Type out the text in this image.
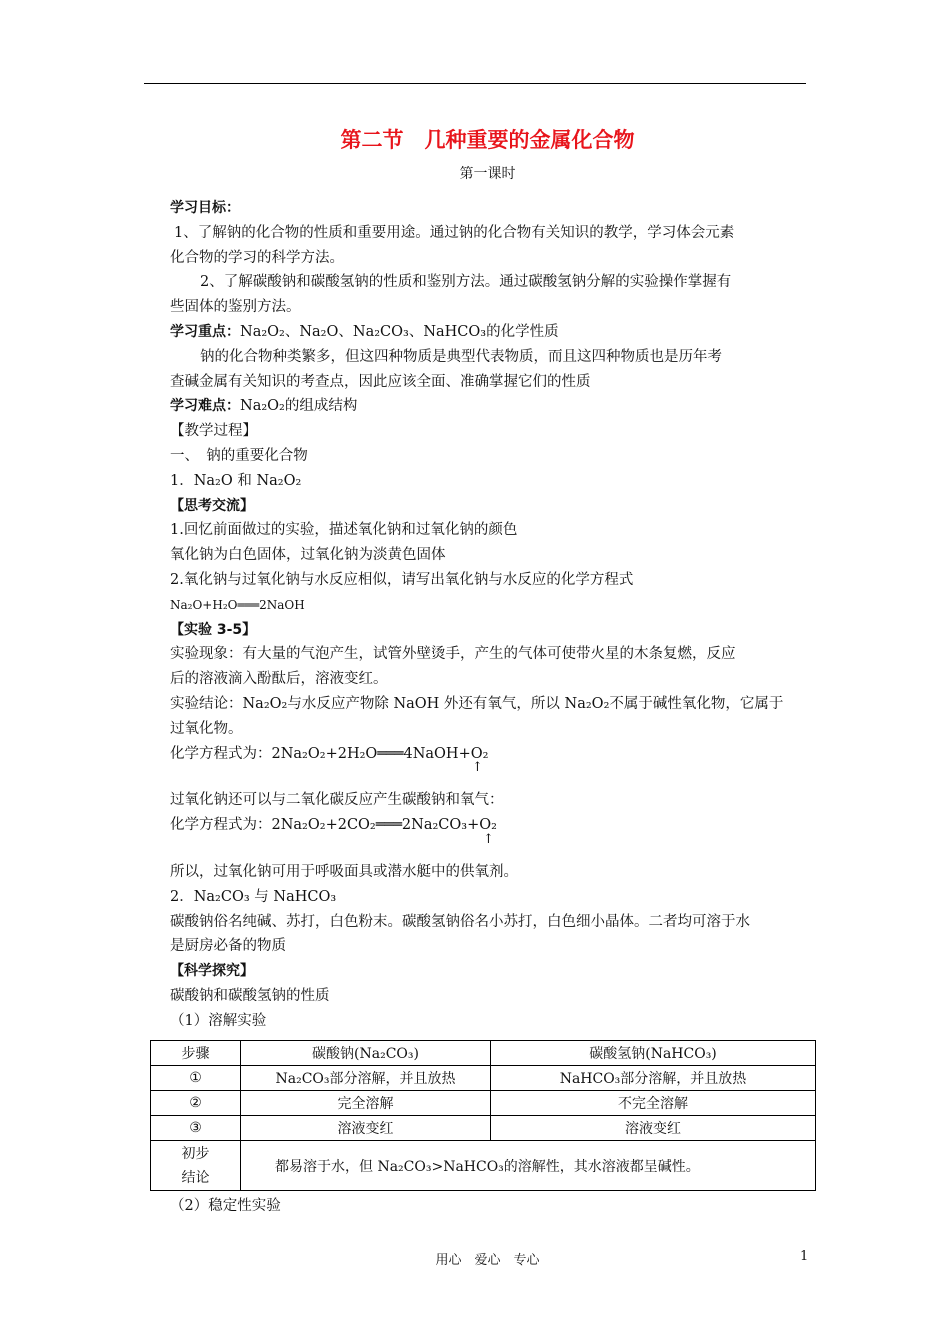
第二节　几种重要的金属化合物
第一课时
学习目标：
1、了解钠的化合物的性质和重要用途。通过钠的化合物有关知识的教学，学习体会元素
化合物的学习的科学方法。
2、了解碳酸钠和碳酸氢钠的性质和鉴别方法。通过碳酸氢钠分解的实验操作掌握有
些固体的鉴别方法。
学习重点：Na₂O₂、Na₂O、Na₂CO₃、NaHCO₃的化学性质
钠的化合物种类繁多，但这四种物质是典型代表物质，而且这四种物质也是历年考
查碱金属有关知识的考查点，因此应该全面、准确掌握它们的性质
学习难点：Na₂O₂的组成结构
【教学过程】
一、　钠的重要化合物
1．Na₂O 和 Na₂O₂
【思考交流】
1.回忆前面做过的实验，描述氧化钠和过氧化钠的颜色
氧化钠为白色固体，过氧化钠为淡黄色固体
2.氧化钠与过氧化钠与水反应相似，请写出氧化钠与水反应的化学方程式
Na₂O+H₂O═══2NaOH
【实验 3-5】
实验现象：有大量的气泡产生，试管外壁烫手，产生的气体可使带火星的木条复燃，反应
后的溶液滴入酚酞后，溶液变红。
实验结论：Na₂O₂与水反应产物除 NaOH 外还有氧气，所以 Na₂O₂不属于碱性氧化物，它属于
过氧化物。
化学方程式为：2Na₂O₂+2H₂O═══4NaOH+O₂
↑
过氧化钠还可以与二氧化碳反应产生碳酸钠和氧气：
化学方程式为：2Na₂O₂+2CO₂═══2Na₂CO₃+O₂
↑
所以，过氧化钠可用于呼吸面具或潜水艇中的供氧剂。
2．Na₂CO₃ 与 NaHCO₃
碳酸钠俗名纯碱、苏打，白色粉末。碳酸氢钠俗名小苏打，白色细小晶体。二者均可溶于水
是厨房必备的物质
【科学探究】
碳酸钠和碳酸氢钠的性质
（1）溶解实验
步骤	碳酸钠(Na₂CO₃)	碳酸氢钠(NaHCO₃)
①	Na₂CO₃部分溶解，并且放热	NaHCO₃部分溶解，并且放热
②	完全溶解	不完全溶解
③	溶液变红	溶液变红
初步
结论	都易溶于水，但 Na₂CO₃>NaHCO₃的溶解性，其水溶液都呈碱性。	
（2）稳定性实验
用心　爱心　专心	1
